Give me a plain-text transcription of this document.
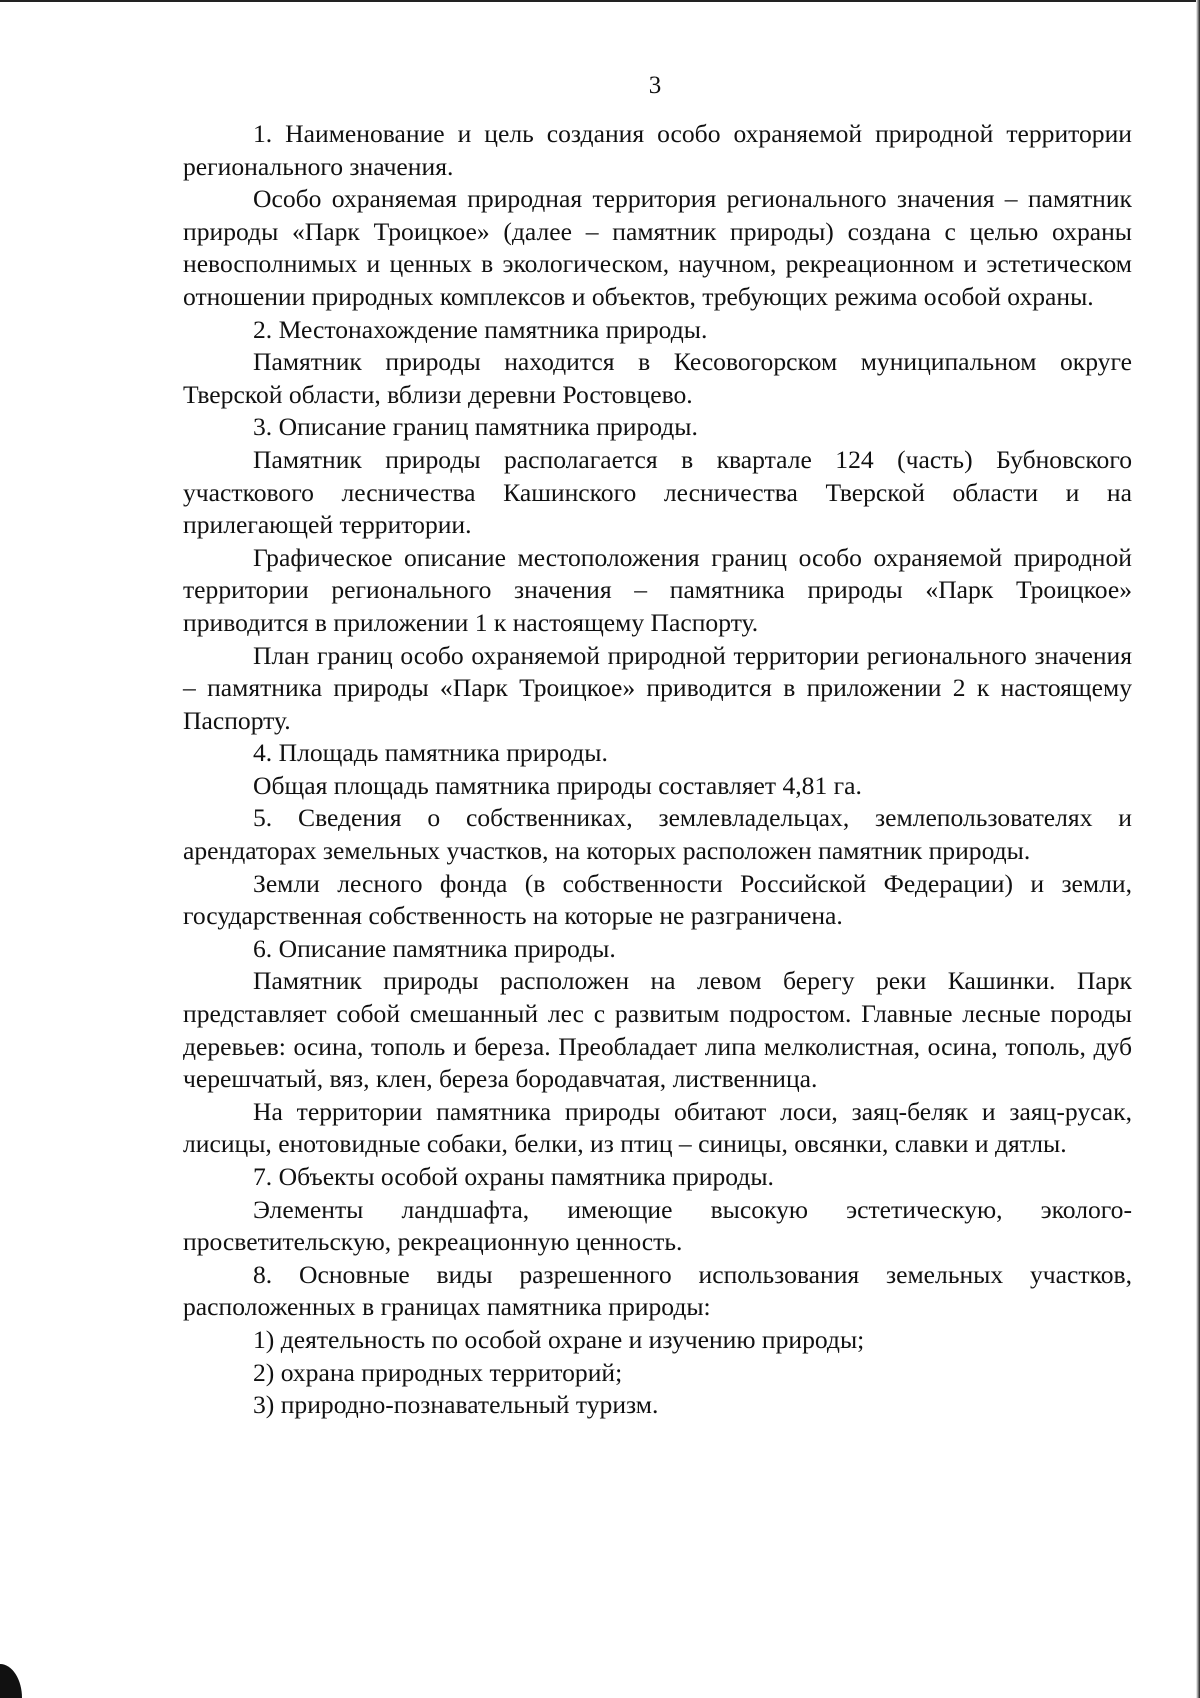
3

1. Наименование и цель создания особо охраняемой природной территории регионального значения.

Особо охраняемая природная территория регионального значения – памятник природы «Парк Троицкое» (далее – памятник природы) создана с целью охраны невосполнимых и ценных в экологическом, научном, рекреационном и эстетическом отношении природных комплексов и объектов, требующих режима особой охраны.

2. Местонахождение памятника природы.

Памятник природы находится в Кесовогорском муниципальном округе Тверской области, вблизи деревни Ростовцево.

3. Описание границ памятника природы.

Памятник природы располагается в квартале 124 (часть) Бубновского участкового лесничества Кашинского лесничества Тверской области и на прилегающей территории.

Графическое описание местоположения границ особо охраняемой природной территории регионального значения – памятника природы «Парк Троицкое» приводится в приложении 1 к настоящему Паспорту.

План границ особо охраняемой природной территории регионального значения – памятника природы «Парк Троицкое» приводится в приложении 2 к настоящему Паспорту.

4. Площадь памятника природы.

Общая площадь памятника природы составляет 4,81 га.

5. Сведения о собственниках, землевладельцах, землепользователях и арендаторах земельных участков, на которых расположен памятник природы.

Земли лесного фонда (в собственности Российской Федерации) и земли, государственная собственность на которые не разграничена.

6. Описание памятника природы.

Памятник природы расположен на левом берегу реки Кашинки. Парк представляет собой смешанный лес с развитым подростом. Главные лесные породы деревьев: осина, тополь и береза. Преобладает липа мелколистная, осина, тополь, дуб черешчатый, вяз, клен, береза бородавчатая, лиственница.

На территории памятника природы обитают лоси, заяц-беляк и заяц-русак, лисицы, енотовидные собаки, белки, из птиц – синицы, овсянки, славки и дятлы.

7. Объекты особой охраны памятника природы.

Элементы ландшафта, имеющие высокую эстетическую, эколого-просветительскую, рекреационную ценность.

8. Основные виды разрешенного использования земельных участков, расположенных в границах памятника природы:

1) деятельность по особой охране и изучению природы;

2) охрана природных территорий;

3) природно-познавательный туризм.
